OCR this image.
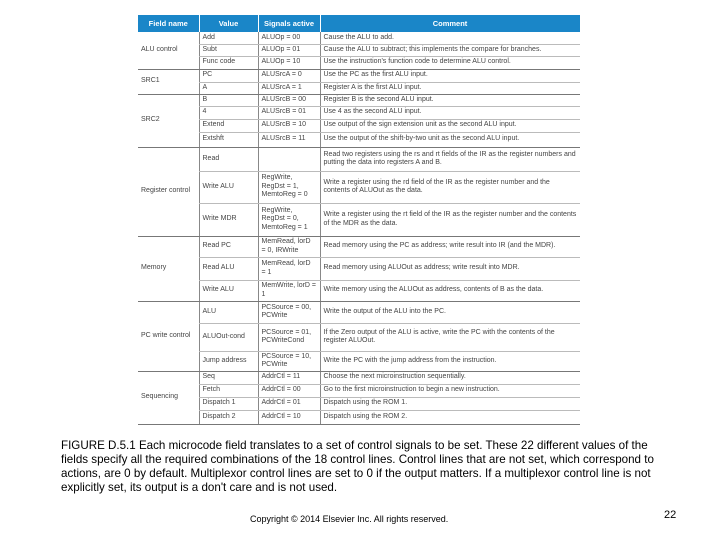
Field name	Value	Signals active	Comment
ALU control	Add	ALUOp = 00	Cause the ALU to add.
	Subt	ALUOp = 01	Cause the ALU to subtract; this implements the compare for branches.
	Func code	ALUOp = 10	Use the instruction's function code to determine ALU control.
SRC1	PC	ALUSrcA = 0	Use the PC as the first ALU input.
	A	ALUSrcA = 1	Register A is the first ALU input.
SRC2	B	ALUSrcB = 00	Register B is the second ALU input.
	4	ALUSrcB = 01	Use 4 as the second ALU input.
	Extend	ALUSrcB = 10	Use output of the sign extension unit as the second ALU input.
	Extshft	ALUSrcB = 11	Use the output of the shift-by-two unit as the second ALU input.
Register control	Read		Read two registers using the rs and rt fields of the IR as the register numbers and putting the data into registers A and B.
	Write ALU	RegWrite, RegDst = 1, MemtoReg = 0	Write a register using the rd field of the IR as the register number and the contents of ALUOut as the data.
	Write MDR	RegWrite, RegDst = 0, MemtoReg = 1	Write a register using the rt field of the IR as the register number and the contents of the MDR as the data.
Memory	Read PC	MemRead, lorD = 0, IRWrite	Read memory using the PC as address; write result into IR (and the MDR).
	Read ALU	MemRead, lorD = 1	Read memory using ALUOut as address; write result into MDR.
	Write ALU	MemWrite, lorD = 1	Write memory using the ALUOut as address, contents of B as the data.
PC write control	ALU	PCSource = 00, PCWrite	Write the output of the ALU into the PC.
	ALUOut-cond	PCSource = 01, PCWriteCond	If the Zero output of the ALU is active, write the PC with the contents of the register ALUOut.
	Jump address	PCSource = 10, PCWrite	Write the PC with the jump address from the instruction.
Sequencing	Seq	AddrCtl = 11	Choose the next microinstruction sequentially.
	Fetch	AddrCtl = 00	Go to the first microinstruction to begin a new instruction.
	Dispatch 1	AddrCtl = 01	Dispatch using the ROM 1.
	Dispatch 2	AddrCtl = 10	Dispatch using the ROM 2.
FIGURE D.5.1 Each microcode field translates to a set of control signals to be set. These 22 different values of the fields specify all the required combinations of the 18 control lines. Control lines that are not set, which correspond to actions, are 0 by default. Multiplexor control lines are set to 0 if the output matters. If a multiplexor control line is not explicitly set, its output is a don't care and is not used.
Copyright © 2014 Elsevier Inc. All rights reserved.	22
